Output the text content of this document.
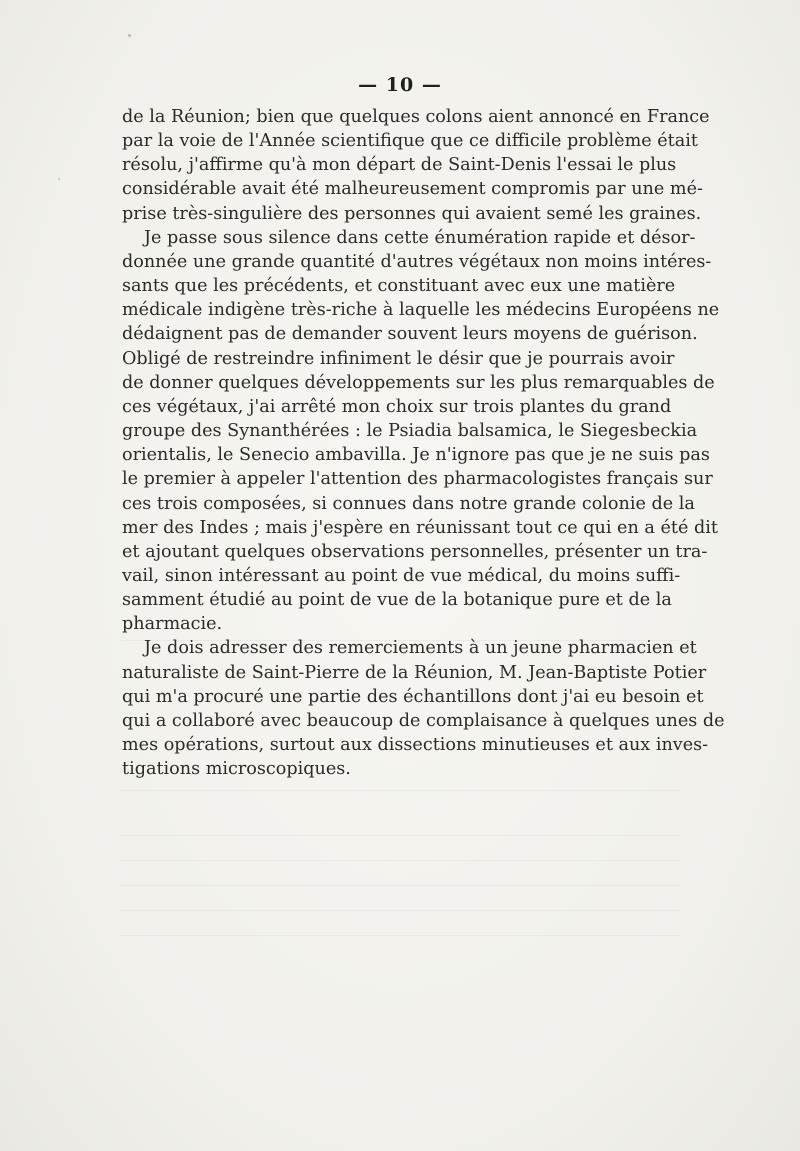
— 10 —

de la Réunion; bien que quelques colons aient annoncé en France
par la voie de l'Année scientifique que ce difficile problème était
résolu, j'affirme qu'à mon départ de Saint-Denis l'essai le plus
considérable avait été malheureusement compromis par une mé-
prise très-singulière des personnes qui avaient semé les graines.

Je passe sous silence dans cette énumération rapide et désor-
donnée une grande quantité d'autres végétaux non moins intéres-
sants que les précédents, et constituant avec eux une matière
médicale indigène très-riche à laquelle les médecins Européens ne
dédaignent pas de demander souvent leurs moyens de guérison.
Obligé de restreindre infiniment le désir que je pourrais avoir
de donner quelques développements sur les plus remarquables de
ces végétaux, j'ai arrêté mon choix sur trois plantes du grand
groupe des Synanthérées : le Psiadia balsamica, le Siegesbeckia
orientalis, le Senecio ambavilla. Je n'ignore pas que je ne suis pas
le premier à appeler l'attention des pharmacologistes français sur
ces trois composées, si connues dans notre grande colonie de la
mer des Indes ; mais j'espère en réunissant tout ce qui en a été dit
et ajoutant quelques observations personnelles, présenter un tra-
vail, sinon intéressant au point de vue médical, du moins suffi-
samment étudié au point de vue de la botanique pure et de la
pharmacie.

Je dois adresser des remerciements à un jeune pharmacien et
naturaliste de Saint-Pierre de la Réunion, M. Jean-Baptiste Potier
qui m'a procuré une partie des échantillons dont j'ai eu besoin et
qui a collaboré avec beaucoup de complaisance à quelques unes de
mes opérations, surtout aux dissections minutieuses et aux inves-
tigations microscopiques.
